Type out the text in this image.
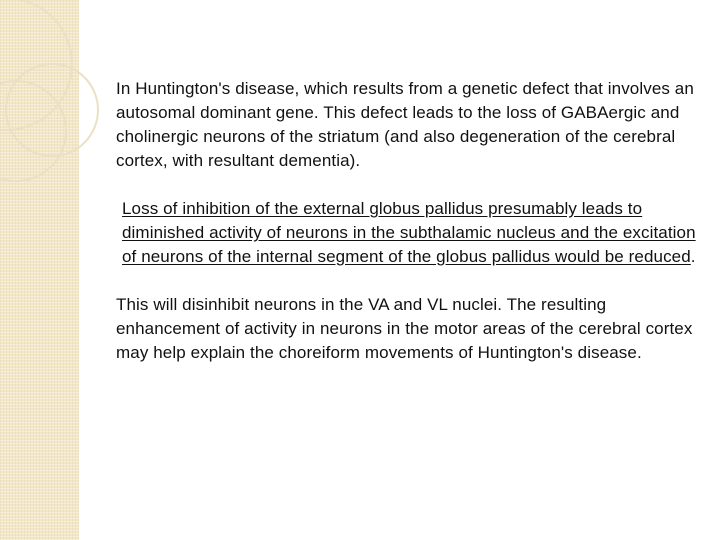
In Huntington's disease, which results from a genetic defect that involves an autosomal dominant gene. This defect leads to the loss of GABAergic and cholinergic neurons of the striatum (and also degeneration of the cerebral cortex, with resultant dementia).

Loss of inhibition of the external globus pallidus presumably leads to diminished activity of neurons in the subthalamic nucleus and the excitation of neurons of the internal segment of the globus pallidus would be reduced.

This will disinhibit neurons in the VA and VL nuclei. The resulting enhancement of activity in neurons in the motor areas of the cerebral cortex may help explain the choreiform movements of Huntington's disease.
